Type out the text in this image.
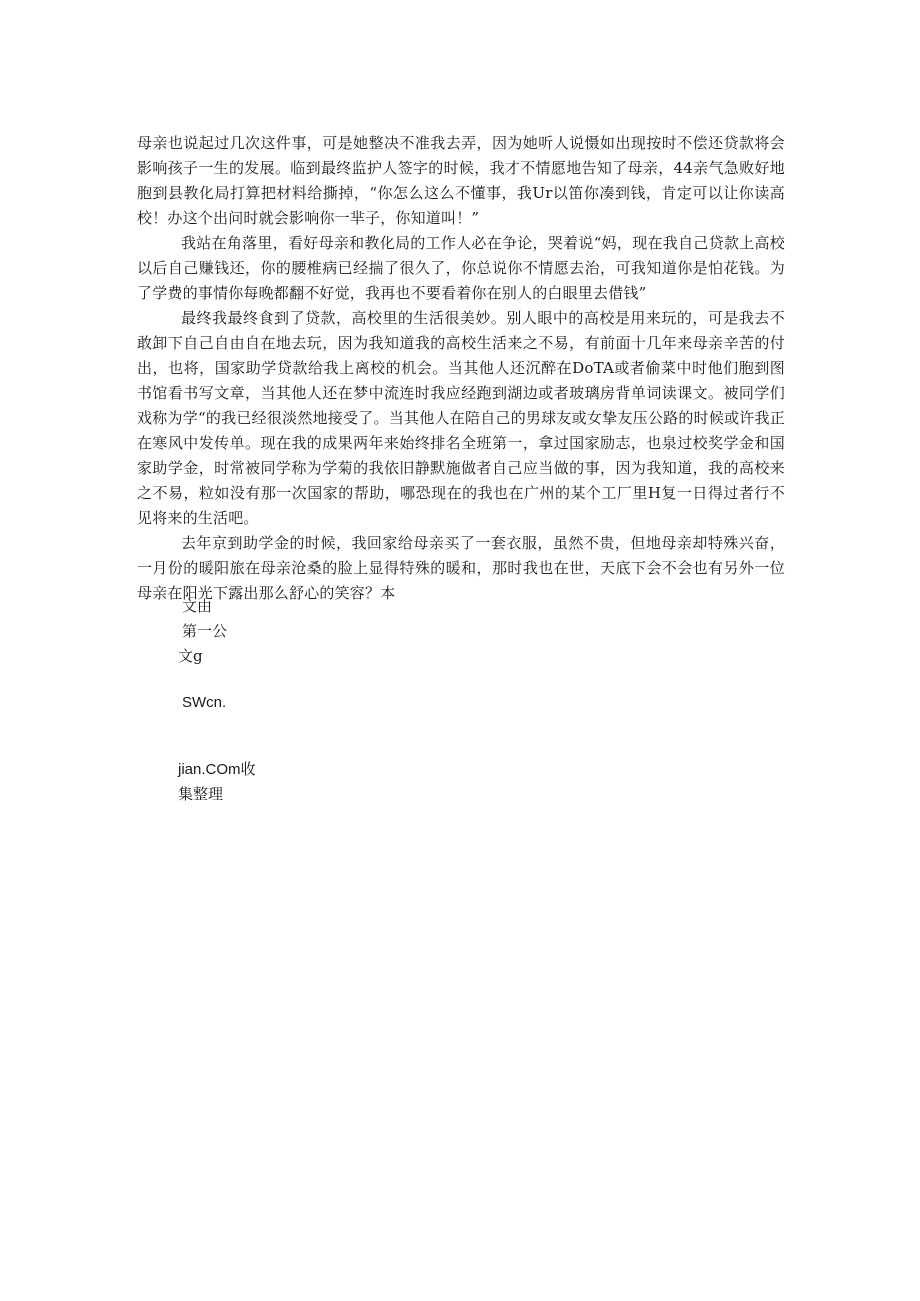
母亲也说起过几次这件事，可是她整决不准我去弄，因为她听人说慑如出现按时不偿还贷款将会影响孩子一生的发展。临到最终监护人签字的时候，我才不情愿地告知了母亲，44亲气急败好地胞到县教化局打算把材料给撕掉，“你怎么这么不懂事，我Ur以笛你凑到钱，肯定可以让你读高校！办这个出问时就会影响你一芈子，你知道叫！”

我站在角落里，看好母亲和教化局的工作人必在争论，哭着说“妈，现在我自己贷款上高校以后自己赚钱还，你的腰椎病已经揣了很久了，你总说你不情愿去治，可我知道你是怕花钱。为了学费的事情你每晚都翻不好觉，我再也不要看着你在别人的白眼里去借钱”

最终我最终食到了贷款，高校里的生活很美妙。别人眼中的高校是用来玩的，可是我去不敢卸下自己自由自在地去玩，因为我知道我的高校生活来之不易，有前面十几年来母亲辛苦的付出，也将，国家助学贷款给我上离校的机会。当其他人还沉醉在DoTA或者偷菜中时他们胞到图书馆看书写文章，当其他人还在梦中流连时我应经跑到湖边或者玻璃房背单词读课文。被同学们戏称为学“的我已经很淡然地接受了。当其他人在陪自己的男球友或女挚友压公路的时候或许我正在寒风中发传单。现在我的成果两年来始终排名全班第一，拿过国家励志，也泉过校奖学金和国家助学金，时常被同学称为学菊的我依旧静默施做者自己应当做的事，因为我知道，我的高校来之不易，粒如没有那一次国家的帮助，哪恐现在的我也在广州的某个工厂里H复一日得过者行不见将来的生活吧。

去年京到助学金的时候，我回家给母亲买了一套衣服，虽然不贵，但地母亲却特殊兴奋，一月份的暖阳旅在母亲沧桑的脸上显得特殊的暖和，那时我也在世，天底下会不会也有另外一位母亲在阳光下露出那么舒心的笑容？本

文由
第一公
文g
SWcn.
jian.COm收
集整理
